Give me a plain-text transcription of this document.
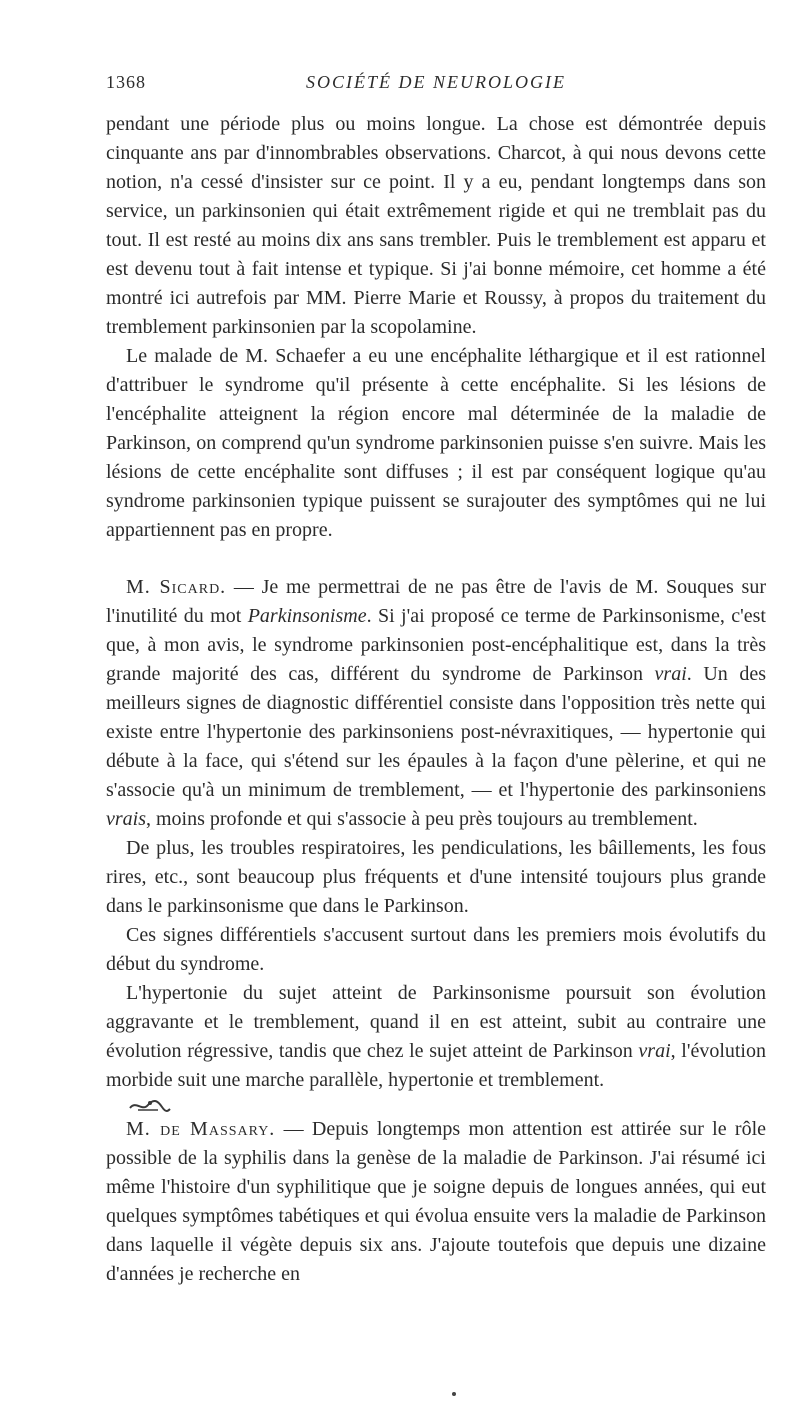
1368	SOCIÉTÉ DE NEUROLOGIE

pendant une période plus ou moins longue. La chose est démontrée depuis cinquante ans par d'innombrables observations. Charcot, à qui nous devons cette notion, n'a cessé d'insister sur ce point. Il y a eu, pendant longtemps dans son service, un parkinsonien qui était extrêmement rigide et qui ne tremblait pas du tout. Il est resté au moins dix ans sans trembler. Puis le tremblement est apparu et est devenu tout à fait intense et typique. Si j'ai bonne mémoire, cet homme a été montré ici autrefois par MM. Pierre Marie et Roussy, à propos du traitement du tremblement parkinsonien par la scopolamine.

Le malade de M. Schaefer a eu une encéphalite léthargique et il est rationnel d'attribuer le syndrome qu'il présente à cette encéphalite. Si les lésions de l'encéphalite atteignent la région encore mal déterminée de la maladie de Parkinson, on comprend qu'un syndrome parkinsonien puisse s'en suivre. Mais les lésions de cette encéphalite sont diffuses ; il est par conséquent logique qu'au syndrome parkinsonien typique puissent se surajouter des symptômes qui ne lui appartiennent pas en propre.

M. Sicard. — Je me permettrai de ne pas être de l'avis de M. Souques sur l'inutilité du mot Parkinsonisme. Si j'ai proposé ce terme de Parkinsonisme, c'est que, à mon avis, le syndrome parkinsonien post-encéphalitique est, dans la très grande majorité des cas, différent du syndrome de Parkinson vrai. Un des meilleurs signes de diagnostic différentiel consiste dans l'opposition très nette qui existe entre l'hypertonie des parkinsoniens post-névraxitiques, — hypertonie qui débute à la face, qui s'étend sur les épaules à la façon d'une pèlerine, et qui ne s'associe qu'à un minimum de tremblement, — et l'hypertonie des parkinsoniens vrais, moins profonde et qui s'associe à peu près toujours au tremblement.

De plus, les troubles respiratoires, les pendiculations, les bâillements, les fous rires, etc., sont beaucoup plus fréquents et d'une intensité toujours plus grande dans le parkinsonisme que dans le Parkinson.

Ces signes différentiels s'accusent surtout dans les premiers mois évolutifs du début du syndrome.

L'hypertonie du sujet atteint de Parkinsonisme poursuit son évolution aggravante et le tremblement, quand il en est atteint, subit au contraire une évolution régressive, tandis que chez le sujet atteint de Parkinson vrai, l'évolution morbide suit une marche parallèle, hypertonie et tremblement.

M. de Massary. — Depuis longtemps mon attention est attirée sur le rôle possible de la syphilis dans la genèse de la maladie de Parkinson. J'ai résumé ici même l'histoire d'un syphilitique que je soigne depuis de longues années, qui eut quelques symptômes tabétiques et qui évolua ensuite vers la maladie de Parkinson dans laquelle il végète depuis six ans. J'ajoute toutefois que depuis une dizaine d'années je recherche en
